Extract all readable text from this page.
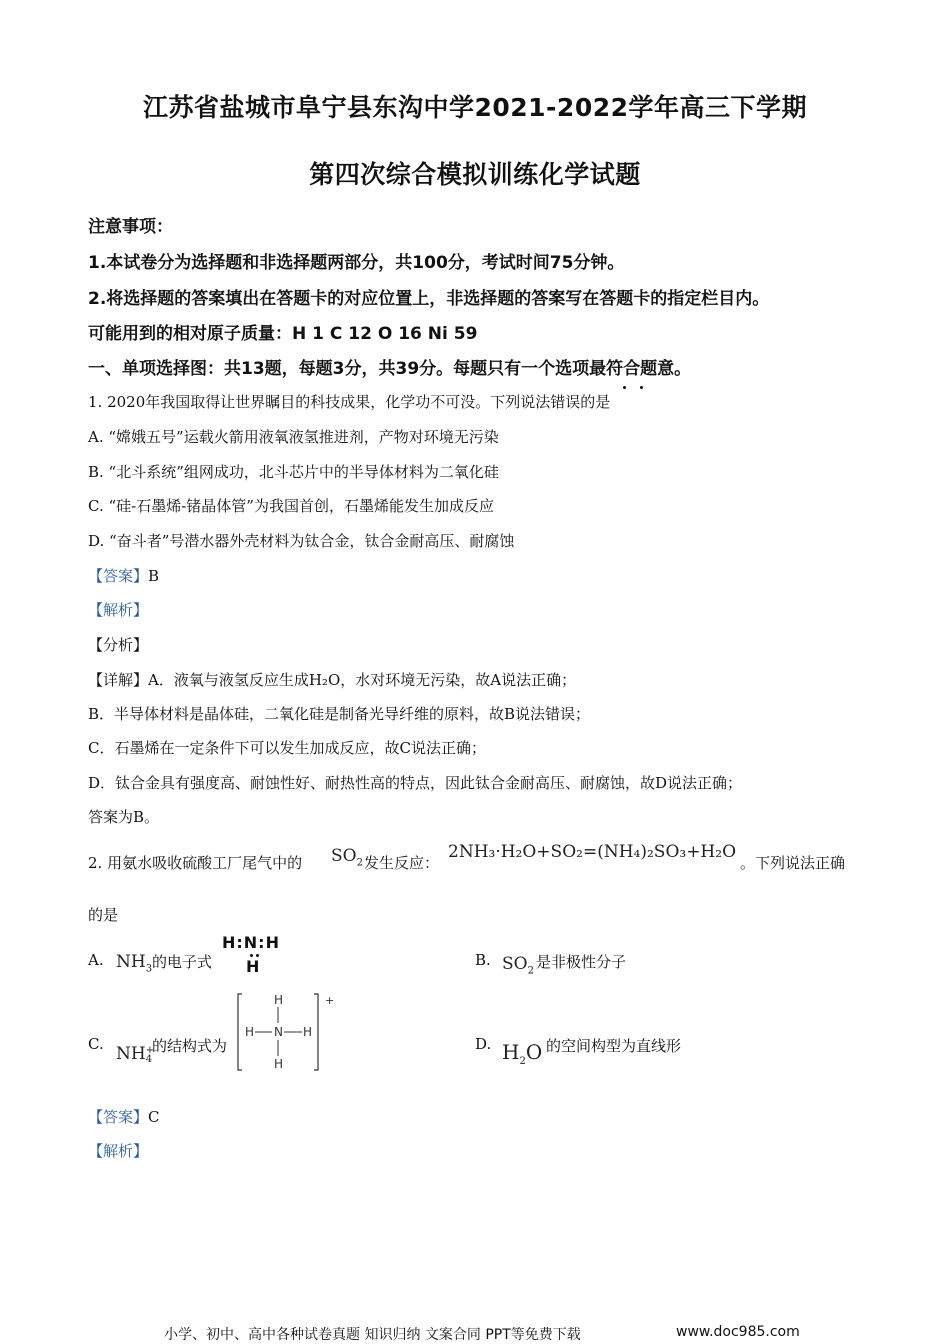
江苏省盐城市阜宁县东沟中学2021-2022学年高三下学期
第四次综合模拟训练化学试题
注意事项：
1.本试卷分为选择题和非选择题两部分，共100分，考试时间75分钟。
2.将选择题的答案填出在答题卡的对应位置上，非选择题的答案写在答题卡的指定栏目内。
可能用到的相对原子质量：H 1 C 12 O 16 Ni 59
一、单项选择图：共13题，每题3分，共39分。每题只有一个选项最符合题意。
1. 2020年我国取得让世界瞩目的科技成果，化学功不可没。下列说法错误的是
A. “嫦娥五号”运载火箭用液氧液氢推进剂，产物对环境无污染
B. “北斗系统”组网成功，北斗芯片中的半导体材料为二氧化硅
C. “硅-石墨烯-锗晶体管”为我国首创，石墨烯能发生加成反应
D. “奋斗者”号潜水器外壳材料为钛合金，钛合金耐高压、耐腐蚀
【答案】B
【解析】
【分析】
【详解】A．液氧与液氢反应生成H₂O，水对环境无污染，故A说法正确；
B．半导体材料是晶体硅，二氧化硅是制备光导纤维的原料，故B说法错误；
C．石墨烯在一定条件下可以发生加成反应，故C说法正确；
D．钛合金具有强度高、耐蚀性好、耐热性高的特点，因此钛合金耐高压、耐腐蚀，故D说法正确；
答案为B。
2. 用氨水吸收硫酸工厂尾气中的 $SO_2$ 发生反应：
2NH₃·H₂O+SO₂=(NH₄)₂SO₃+H₂O
。下列说法正确
的是
A. $NH_3$ 的电子式
H:N:H
H	B. $SO_2$ 是非极性分子
C. NH +
4
的结构式为
H
H N H
H
+
D. $H_2O$ 的空间构型为直线形
【答案】C
【解析】
小学、初中、高中各种试卷真题 知识归纳 文案合同 PPT等免费下载	www.doc985.com
